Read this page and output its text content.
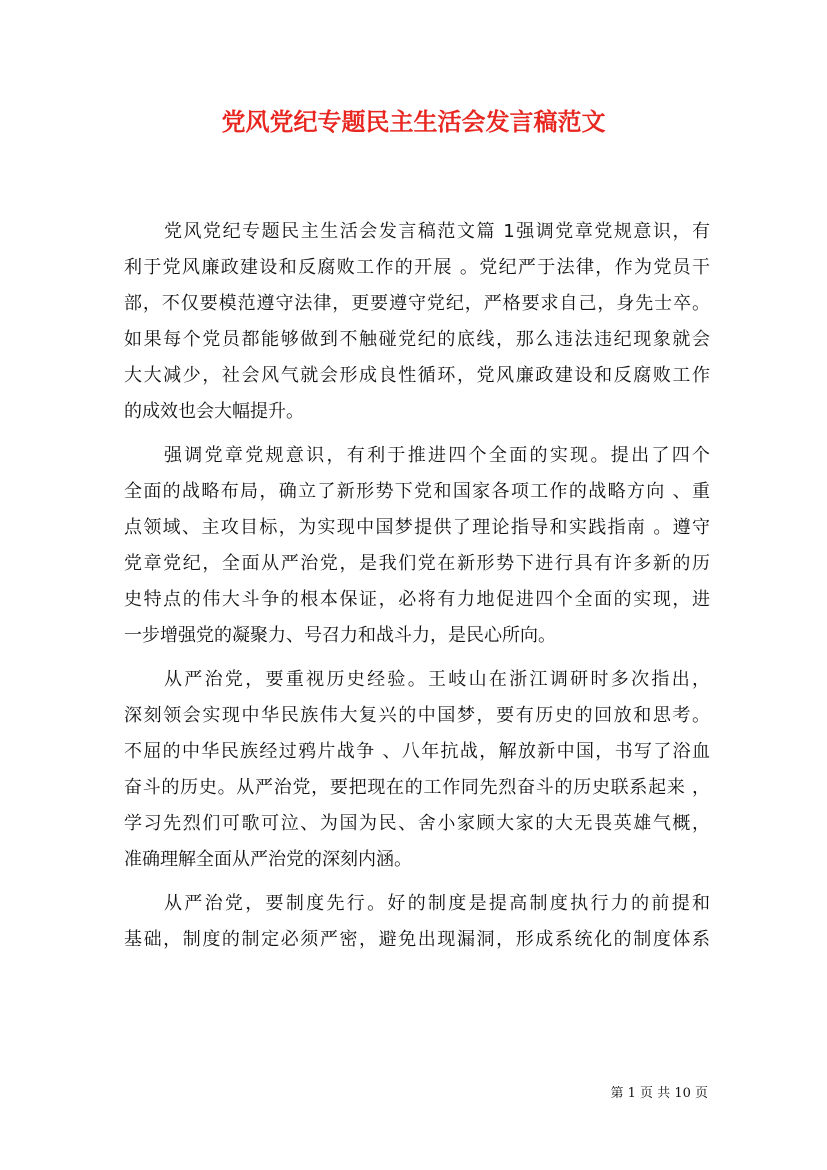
党风党纪专题民主生活会发言稿范文

党风党纪专题民主生活会发言稿范文篇 1强调党章党规意识，有
利于党风廉政建设和反腐败工作的开展 。党纪严于法律，作为党员干
部，不仅要模范遵守法律，更要遵守党纪，严格要求自己，身先士卒。
如果每个党员都能够做到不触碰党纪的底线，那么违法违纪现象就会
大大减少，社会风气就会形成良性循环，党风廉政建设和反腐败工作
的成效也会大幅提升。

强调党章党规意识，有利于推进四个全面的实现。提出了四个
全面的战略布局，确立了新形势下党和国家各项工作的战略方向 、重
点领域、主攻目标，为实现中国梦提供了理论指导和实践指南 。遵守
党章党纪，全面从严治党，是我们党在新形势下进行具有许多新的历
史特点的伟大斗争的根本保证，必将有力地促进四个全面的实现，进
一步增强党的凝聚力、号召力和战斗力，是民心所向。

从严治党，要重视历史经验。王岐山在浙江调研时多次指出，
深刻领会实现中华民族伟大复兴的中国梦，要有历史的回放和思考。
不屈的中华民族经过鸦片战争 、八年抗战，解放新中国，书写了浴血
奋斗的历史。从严治党，要把现在的工作同先烈奋斗的历史联系起来 ，
学习先烈们可歌可泣、为国为民、舍小家顾大家的大无畏英雄气概，
准确理解全面从严治党的深刻内涵。

从严治党，要制度先行。好的制度是提高制度执行力的前提和
基础，制度的制定必须严密，避免出现漏洞，形成系统化的制度体系

第 1 页 共 10 页
